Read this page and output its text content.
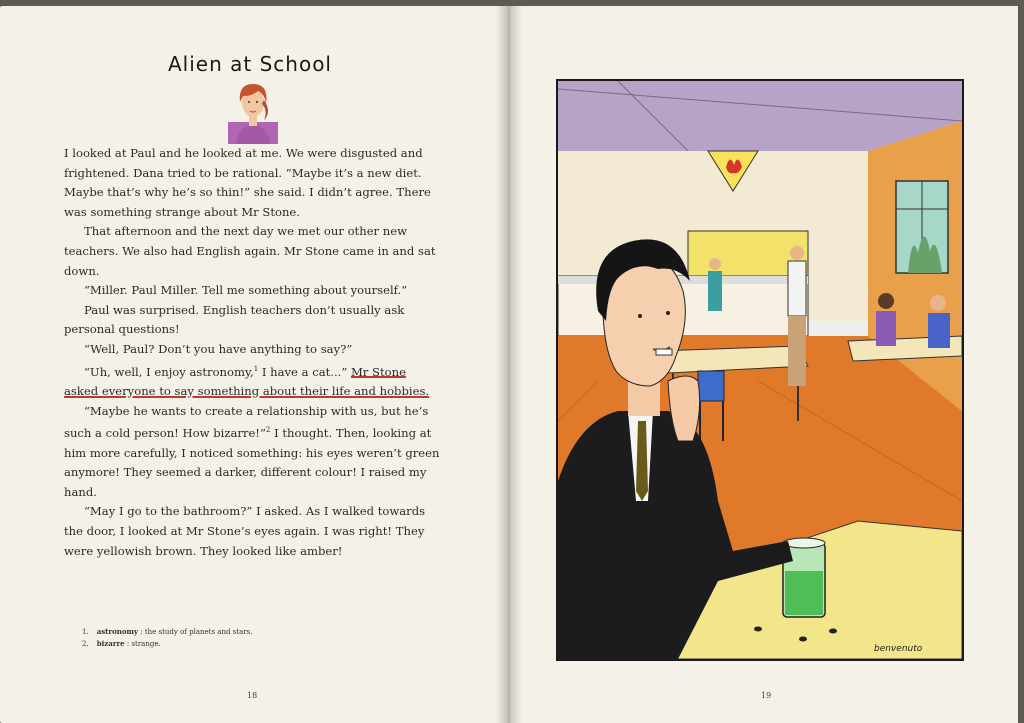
Alien at School

I looked at Paul and he looked at me. We were disgusted and frightened. Dana tried to be rational. “Maybe it’s a new diet. Maybe that’s why he’s so thin!” she said. I didn’t agree. There was something strange about Mr Stone.

That afternoon and the next day we met our other new teachers. We also had English again. Mr Stone came in and sat down.

“Miller. Paul Miller. Tell me something about yourself.”

Paul was surprised. English teachers don’t usually ask personal questions!

“Well, Paul? Don’t you have anything to say?”

“Uh, well, I enjoy astronomy,$^1$ I have a cat...” Mr Stone asked everyone to say something about their life and hobbies.

“Maybe he wants to create a relationship with us, but he’s such a cold person! How bizarre!”$^2$ I thought. Then, looking at him more carefully, I noticed something: his eyes weren’t green anymore! They seemed a darker, different colour! I raised my hand.

“May I go to the bathroom?” I asked. As I walked towards the door, I looked at Mr Stone’s eyes again. I was right! They were yellowish brown. They looked like amber!

1. astronomy : the study of planets and stars.
2. bizarre : strange.
18
benvenuto
19
